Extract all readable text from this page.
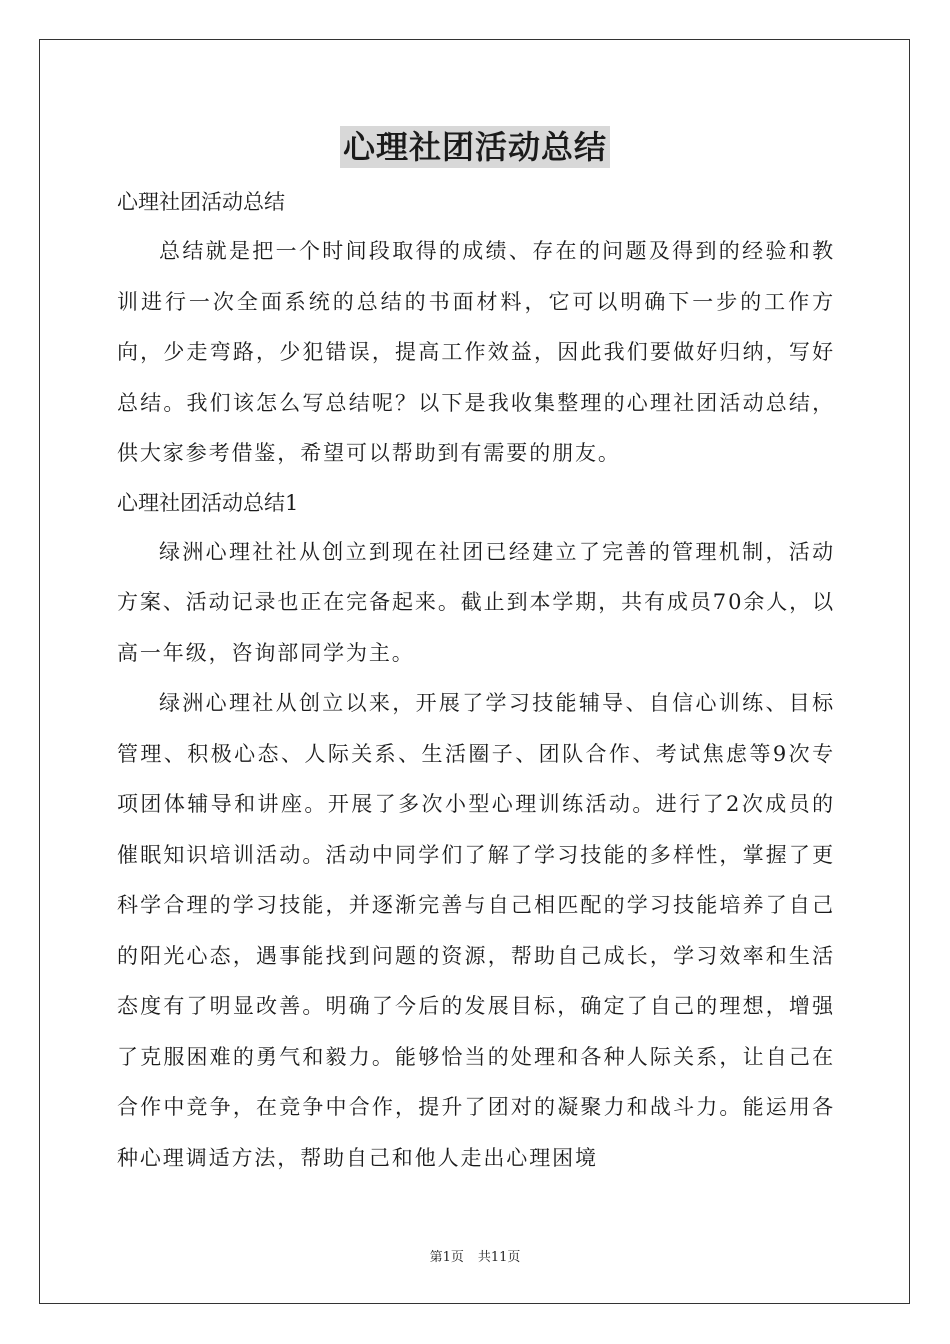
心理社团活动总结

心理社团活动总结

总结就是把一个时间段取得的成绩、存在的问题及得到的经验和教训进行一次全面系统的总结的书面材料，它可以明确下一步的工作方向，少走弯路，少犯错误，提高工作效益，因此我们要做好归纳，写好总结。我们该怎么写总结呢？以下是我收集整理的心理社团活动总结，供大家参考借鉴，希望可以帮助到有需要的朋友。

心理社团活动总结1

绿洲心理社社从创立到现在社团已经建立了完善的管理机制，活动方案、活动记录也正在完备起来。截止到本学期，共有成员70余人，以高一年级，咨询部同学为主。

绿洲心理社从创立以来，开展了学习技能辅导、自信心训练、目标管理、积极心态、人际关系、生活圈子、团队合作、考试焦虑等9次专项团体辅导和讲座。开展了多次小型心理训练活动。进行了2次成员的催眠知识培训活动。活动中同学们了解了学习技能的多样性，掌握了更科学合理的学习技能，并逐渐完善与自己相匹配的学习技能培养了自己的阳光心态，遇事能找到问题的资源，帮助自己成长，学习效率和生活态度有了明显改善。明确了今后的发展目标，确定了自己的理想，增强了克服困难的勇气和毅力。能够恰当的处理和各种人际关系，让自己在合作中竞争，在竞争中合作，提升了团对的凝聚力和战斗力。能运用各种心理调适方法，帮助自己和他人走出心理困境

第1页 共11页
